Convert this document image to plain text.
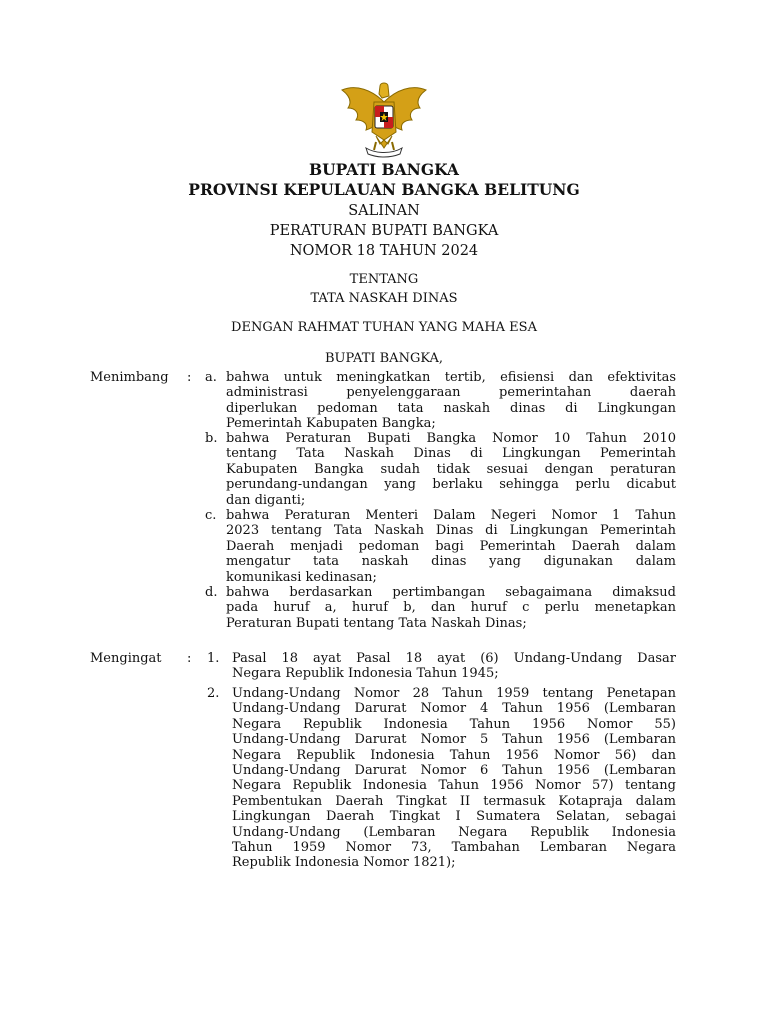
BUPATI BANGKA
PROVINSI KEPULAUAN BANGKA BELITUNG
SALINAN
PERATURAN BUPATI BANGKA
NOMOR 18 TAHUN 2024
TENTANG
TATA NASKAH DINAS
DENGAN RAHMAT TUHAN YANG MAHA ESA
BUPATI BANGKA,
Menimbang : a. bahwa untuk meningkatkan tertib, efisiensi dan efektivitas
administrasi penyelenggaraan pemerintahan daerah
diperlukan pedoman tata naskah dinas di Lingkungan
Pemerintah Kabupaten Bangka;
b. bahwa Peraturan Bupati Bangka Nomor 10 Tahun 2010
tentang Tata Naskah Dinas di Lingkungan Pemerintah
Kabupaten Bangka sudah tidak sesuai dengan peraturan
perundang-undangan yang berlaku sehingga perlu dicabut
dan diganti;
c. bahwa Peraturan Menteri Dalam Negeri Nomor 1 Tahun
2023 tentang Tata Naskah Dinas di Lingkungan Pemerintah
Daerah menjadi pedoman bagi Pemerintah Daerah dalam
mengatur tata naskah dinas yang digunakan dalam
komunikasi kedinasan;
d. bahwa berdasarkan pertimbangan sebagaimana dimaksud
pada huruf a, huruf b, dan huruf c perlu menetapkan
Peraturan Bupati tentang Tata Naskah Dinas;
Mengingat : 1. Pasal 18 ayat Pasal 18 ayat (6) Undang-Undang Dasar
Negara Republik Indonesia Tahun 1945;
2. Undang-Undang Nomor 28 Tahun 1959 tentang Penetapan
Undang-Undang Darurat Nomor 4 Tahun 1956 (Lembaran
Negara Republik Indonesia Tahun 1956 Nomor 55)
Undang-Undang Darurat Nomor 5 Tahun 1956 (Lembaran
Negara Republik Indonesia Tahun 1956 Nomor 56) dan
Undang-Undang Darurat Nomor 6 Tahun 1956 (Lembaran
Negara Republik Indonesia Tahun 1956 Nomor 57) tentang
Pembentukan Daerah Tingkat II termasuk Kotapraja dalam
Lingkungan Daerah Tingkat I Sumatera Selatan, sebagai
Undang-Undang (Lembaran Negara Republik Indonesia
Tahun 1959 Nomor 73, Tambahan Lembaran Negara
Republik Indonesia Nomor 1821);
